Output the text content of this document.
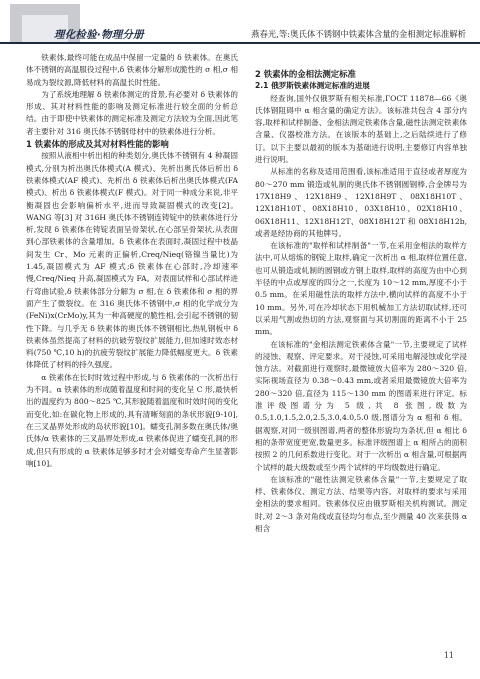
理化检验·物理分册	燕春光,等:奥氏体不锈钢中铁素体含量的金相测定标准解析

铁素体,最终可能在成品中保留一定量的 δ 铁素体。在奥氏体不锈钢的高温服役过程中,δ 铁素体分解形成脆性的 σ 相,σ 相易成为裂纹源,降低材料的高温长时性能。

为了系统地理解 δ 铁素体测定的背景,有必要对 δ 铁素体的形成、其对材料性能的影响及测定标准进行较全面的分析总结。由于即使中铁素体的测定标准及测定方法较为全面,因此笔者主要针对 316 奥氏体不锈钢母材中的铁素体进行分析。

1 铁素体的形成及其对材料性能的影响

按照从液相中析出相的种类划分,奥氏体不锈钢有 4 种凝固模式,分别为析出奥氏体模式(A 模式)、先析出奥氏体后析出 δ 铁素体模式(AF 模式)、先析出 δ 铁素体后析出奥氏体模式(FA 模式)、析出 δ 铁素体模式(F 模式)。对于同一种成分来说,非平衡凝固也会影响偏析水平,进而导致凝固模式的改变[2]。WANG 等[3] 对 316H 奥氏体不锈钢连铸锭中的铁素体进行分析,发现 δ 铁素体在铸锭表面呈骨架状,在心部呈骨架状,从表面到心部铁素体的含量增加。δ 铁素体在表面时,凝固过程中枝晶间发生 Cr、Mo 元素的正偏析,Creq/Nieq(铬镍当量比)为 1.45,凝固模式为 AF 模式;δ 铁素体在心部时,冷却速率慢,Creq/Nieq 升高,凝固模式为 FA。对表面试样和心部试样进行弯曲试验,δ 铁素体部分分解为 σ 相,在 δ 铁素体和 σ 相的界面产生了微裂纹。在 316 奥氏体不锈钢中,σ 相的化学成分为(FeNi)x(CrMo)y,其为一种高硬度的脆性相,会引起不锈钢的韧性下降。与几乎无 δ 铁素体的奥氏体不锈钢相比,热轧钢板中 δ 铁素体虽然提高了材料的抗破劳裂纹扩展能力,但加速时效态材料(750 ℃,10 h)的抗疲劳裂纹扩展能力降低幅度更大。δ 铁素体降低了材料的持久强度。

α 铁素体在长时时效过程中形成,与 δ 铁素体的一次析出行为不同。α 铁素体的形成随着温度和时间的变化呈 C 形,最快析出的温度约为 800～825 ℃,其形貌随着温度和时效时间的变化而变化,如:在碳化物上形成的,具有清晰刻面的条状形貌[9-10],在三叉晶界处形成的岛状形貌[10]。蠕变孔洞多数在奥氏体/奥氏体/α 铁素体的三叉晶界处形成,α 铁素体促进了蠕变孔洞的形成,但只有形成的 α 铁素体足够多时才会对蠕变寿命产生显著影响[10]。

2 铁素体的金相法测定标准

2.1 俄罗斯铁素体测定标准的进展

经查询,国外仅俄罗斯有相关标准,ГОСТ 11878—66《奥氏体钢阻碍中 α 相含量的确定方法》。该标准共包含 4 部分内容,取样和试样制备、金相法测定铁素体含量,磁性法测定铁素体含量、仪器校准方法。在该版本的基础上,之后陆续进行了修订。以下主要以最初的版本为基础进行说明,主要修订内容单独进行说明。

从标准的名称及适用范围看,该标准适用于直径或者厚度为 80～270 mm 锻造或轧制的奥氏体不锈钢圆钢棒,合金牌号为 17X18H9、12X18H9、12X18H9T、08X18H10T、12X18H10T、08X18H10、03X18H10、02X18H10、06X18H11、12X18H12T、08X18H12T 和 08X18H12b,或者是经协商的其他牌号。

在该标准的"取样和试样制备"一节,在采用金相法的取样方法中,可从熔炼的钢锭上取样,确定一次析出 α 相,取样位置任意,也可从锻造或轧制的圆钢或方钢上取样,取样的高度为由中心到半径的中点或厚度的四分之一,长度为 10～12 mm,厚度不小于 0.5 mm。在采用磁性法的取样方法中,横向试样的高度不小于 10 mm。另外,可在冷却状态下用机械加工方法切取试样,还可以采用气割或热切的方法,观察面与其切割面的距离不小于 25 mm。

在该标准的"金相法测定铁素体含量"一节,主要规定了试样的浸蚀、观察、评定要求。对于浸蚀,可采用电解浸蚀或化学浸蚀方法。对截面进行观察时,最微镜放大倍率为 280～320 倍,实际视场直径为 0.38～0.43 mm,或者采用最微镜放大倍率为 280～320 倍,直径为 115～130 mm 的图谱来进行评定。标准评级图谱分为 5 级,共 8 张图,级数为 0.5,1.0,1.5,2.0,2.5,3.0,4.0,5.0 级,图谱分为 α 相和 δ 相。据观察,对同一级别图谱,两者的整体形貌均为条状,但 α 相比 δ 相的条带宽度更宽,数量更多。标准评级图谱上 α 相所占的面积按照 2 的几何系数进行变化。对于一次析出 α 相含量,可根据两个试样的最大级数或至少两个试样的平均级数进行确定。

在该标准的"磁性法测定铁素体含量"一节,主要规定了取样、铁素体仪、测定方法、结果等内容。对取样的要求与采用金相法的要求相同。铁素体仪应由俄罗斯相关机构测试。测定时,对 2～3 条对角线或直径均匀布点,至少测量 40 次来获得 α 相含

11
